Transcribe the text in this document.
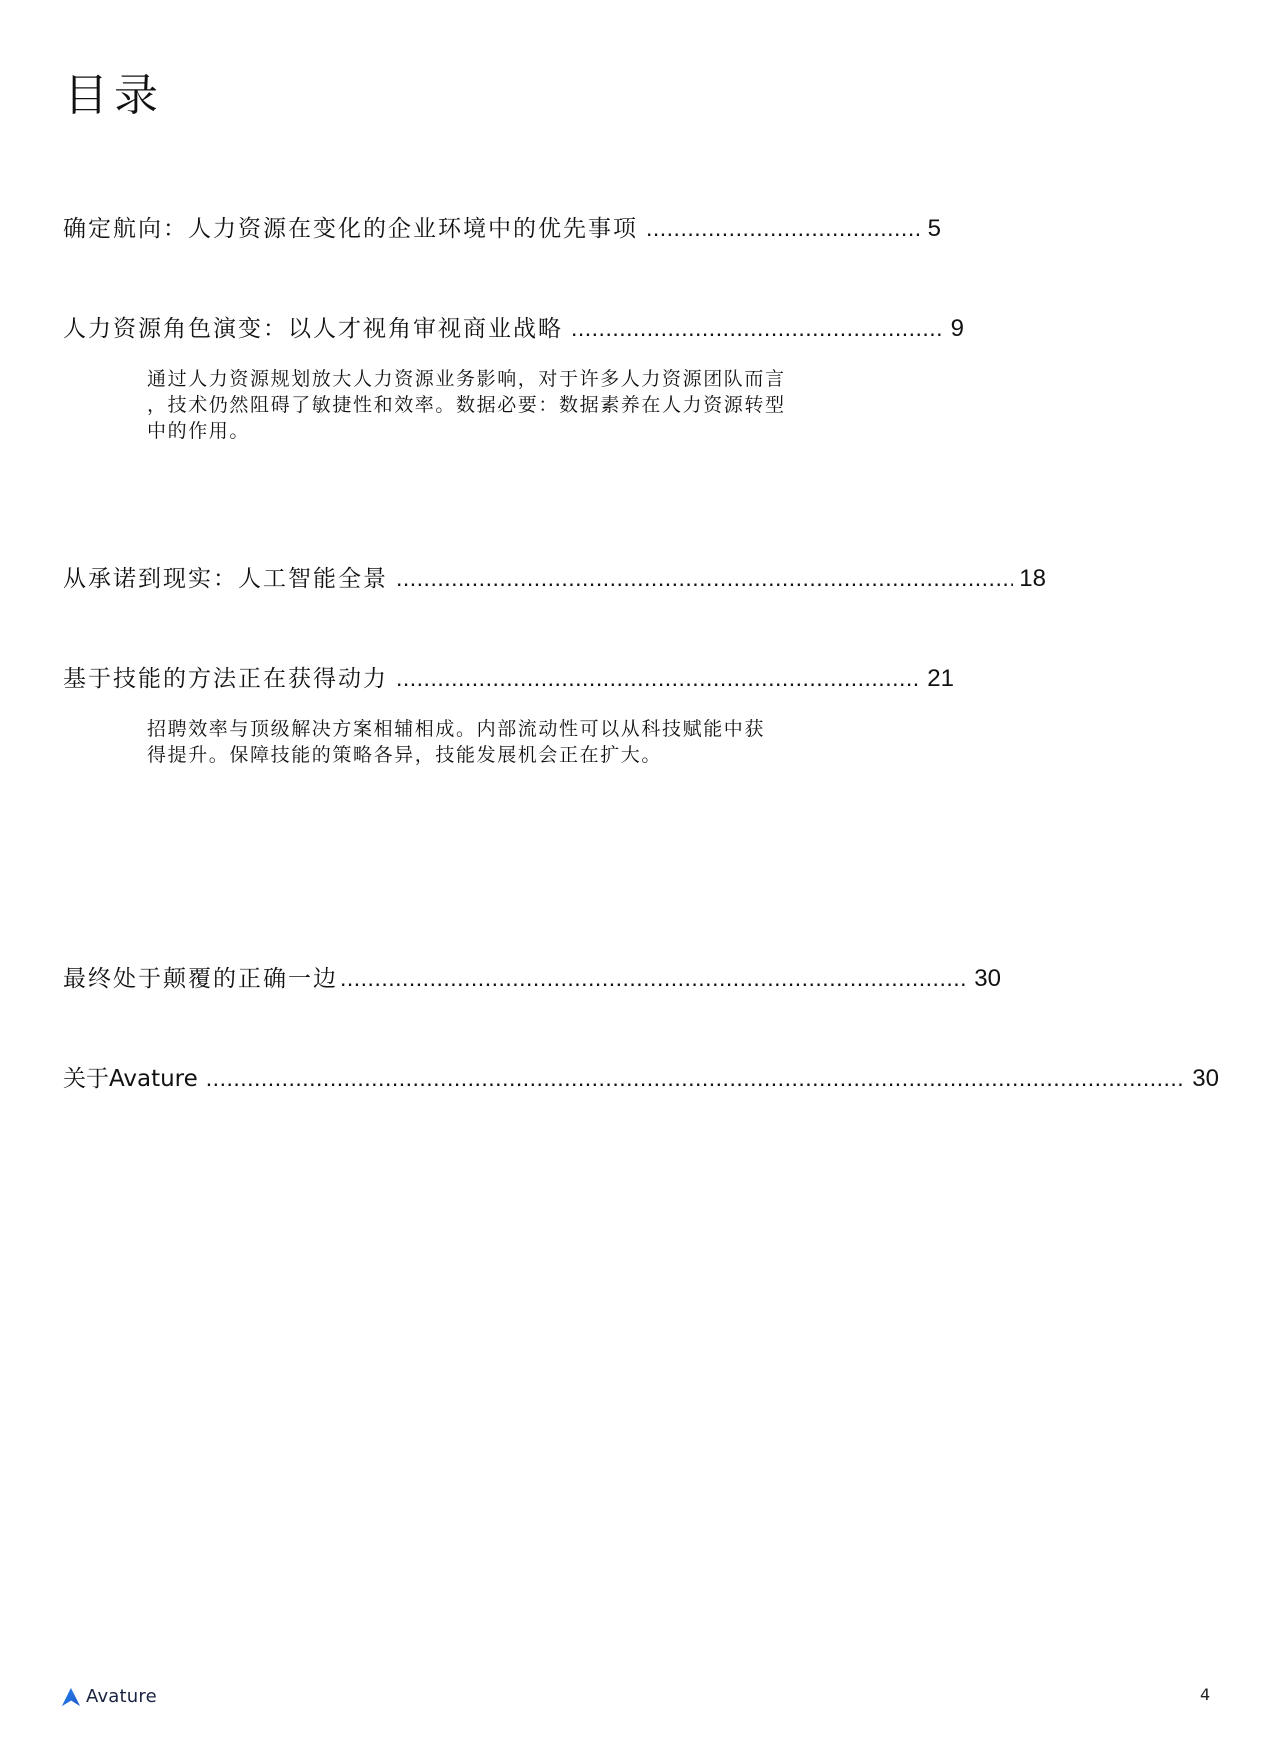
目录
确定航向：人力资源在变化的企业环境中的优先事项 .....	5
人力资源角色演变：以人才视角审视商业战略 .....	9

通过人力资源规划放大人力资源业务影响，对于许多人力资源团队而言
，技术仍然阻碍了敏捷性和效率。数据必要：数据素养在人力资源转型
中的作用。

从承诺到现实：人工智能全景 .....	18
基于技能的方法正在获得动力 .....	21

招聘效率与顶级解决方案相辅相成。内部流动性可以从科技赋能中获
得提升。保障技能的策略各异，技能发展机会正在扩大。

最终处于颠覆的正确一边 .....	30
关于Avature .....	30
Avature	4
